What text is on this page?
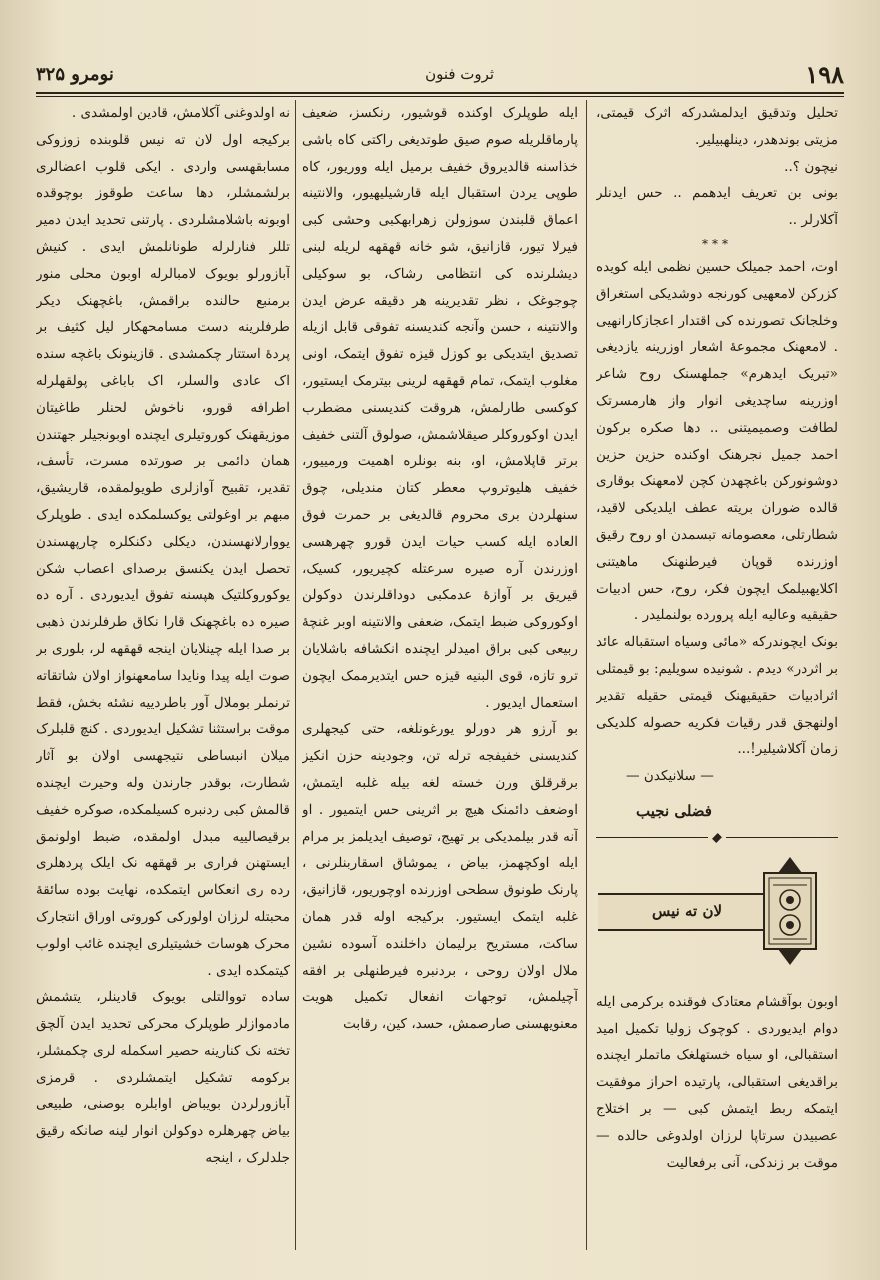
نومرو ۳۲۵	ثروت فنون	۱۹۸

تحلیل وتدقیق ایدلمشدرکه اثرک قیمتی، مزیتی بوندهدر، دینلهبیلیر.

نیچون ؟..

بونی بن تعریف ایدهمم .. حس ایدنلر آکلارلر ..

***

اوت، احمد جمیلک حسین نظمی ایله کویده کزرکن لامعهیی کورنجه دوشدیکی استغراق وخلجانک تصورنده کی اقتدار اعجازکارانهیی . لامعهنک مجموعهٔ اشعار اوزرینه یازدیغی «تبریک ایدهرم» جملهسنک روح شاعر اوزرینه ساچدیغی انوار واز هارمسرتک لطافت وصمیمیتنی .. دها صکره برکون احمد جمیل نجرهنک اوکنده حزین حزین دوشونورکن باغچهدن کچن لامعهنک بوقاری قالده ضوران بریته عطف ایلدیکی لاقید، شطارتلی، معصومانه تبسمدن او روح رقیق اوزرنده قوپان فیرطنهنک ماهیتنی اکلایهبیلمک ایچون فکر، روح، حس ادبیات حقیقیه وعالیه ایله پرورده بولنملیدر .

بونک ایچوندرکه «مائی وسیاه استقباله عائد بر اثردر» دیدم . شونیده سویلیم: بو قیمتلی اثرادبیات حقیقیهنک قیمتی حقیله تقدیر اولنهجق قدر رقیات فکریه حصوله کلدیکی زمان آکلاشیلیر!...

— سلانیکدن —

فضلی نجیب
لان ته نیس

اوبون بوآقشام معتادک فوقنده برکرمی ایله دوام ایدیوردی . کوچوک زولیا تکمیل امید استقبالی، او سیاه خستهلغک ماتملر ایچنده براقدیغی استقبالی، پارتیده احراز موفقیت ایتمکه ربط ایتمش کبی — بر اختلاج عصبیدن سرتاپا لرزان اولدوغی حالده — موقت بر زندکی، آنی برفعالیت

ایله طوپلرک اوکنده قوشیور، رنکسز، ضعیف پارماقلریله صوم صیق طوتدیغی راکتی کاه باشی خذاسنه قالدیروق خفیف برمیل ایله ووریور، کاه طوپی یردن استقبال ایله قارشیلیهیور، والانتینه اعماق قلبندن سوزولن زهرابهکبی وحشی کبی فیرلا تیور، قازانیق، شو خانه قهقهه لریله لبنی دیشلرنده کی انتظامی رشاک، بو سوکیلی چوجوغک ، نظر تقدیرینه هر دقیقه عرض ایدن والانتینه ، حسن وآنجه کندیسنه تفوقی قابل ازیله تصدیق ایتدیکی بو کوزل قیزه تفوق ایتمک، اونی مغلوب ایتمک، تمام قهقهه لرینی بیترمک ایستیور، کوکسی طارلمش، هروقت کندیسنی مضطرب ایدن اوکوروکلر صیقلاشمش، صولوق آلتنی خفیف برتر قاپلامش، او، بنه بونلره اهمیت ورمییور، خفیف هلیوتروپ معطر کتان مندیلی، چوق سنهلردن بری محروم قالدیغی بر حمرت فوق العاده ایله کسب حیات ایدن قورو چهرهسی اوزرندن آره صیره سرعتله کچیریور، کسیک، قیریق بر آوازهٔ عدمکبی دوداقلرندن دوکولن اوکوروکی ضبط ایتمک، ضعفی والانتینه اوبر غنچهٔ ربیعی کبی براق امیدلر ایچنده انکشافه باشلایان ترو تازه، قوی البنیه قیزه حس ایتدیرممک ایچون استعمال ایدیور .

بو آرزو هر دورلو یورغونلغه، حتی کیجهلری کندیسنی خفیفجه ترله تن، وجودینه حزن انکیز برقرقلق ورن خسته لغه بیله غلبه ایتمش، اوضعف دائمنک هیچ بر اثرینی حس ایتمیور . او آنه قدر بیلمدیکی بر تهیج، توصیف ایدیلمز بر مرام ایله اوکچهمز، بیاض ، یموشاق اسقاربنلرنی ، پارنک طونوق سطحی اوزرنده اوچوریور، قازانیق، غلبه ایتمک ایستیور. برکیجه اوله قدر همان ساکت، مستریح برلیمان داخلنده آسوده نشین ملال اولان روحی ، بردنبره فیرطنهلی بر افقه آچیلمش، توجهات انفعال تکمیل هویت معنویهسنی صارصمش، حسد، کین، رقابت

نه اولدوغنی آکلامش، قادین اولمشدی .

برکیجه اول لان ته نیس قلوبنده زوزوکی مسابقهسی واردی . ایکی قلوب اعضالری برلشمشلر، دها ساعت طوقوز بوچوقده اوبونه باشلامشلردی . پارتنی تحدید ایدن دمیر تللر فنارلرله طونانلمش ایدی . کنیش آبازورلو بویوک لامبالرله اوبون محلی منور برمنبع حالنده براقمش، باغچهنک دیکر طرفلرینه دست مسامحهکار لیل کثیف بر پردهٔ استتار چکمشدی . قازینونک باغچه سنده اک عادی والسلر، اک باباغی پولقهلرله اطرافه قورو، ناخوش لحنلر طاغیتان موزیقهنک کوروتیلری ایچنده اوبونجیلر جهتندن همان دائمی بر صورتده مسرت، تأسف، تقدیر، تقبیح آوازلری طویولمقده، قاریشیق، مبهم بر اوغولتی یوکسلمکده ایدی . طوپلرک یووارلانهسندن، دیکلی دکنکلره چارپهسندن تحصل ایدن یکنسق برصدای اعصاب شکن یوکوروکلتیک هپسنه تفوق ایدیوردی . آره ده صیره ده باغچهنک قارا نکاق طرفلرندن ذهبی بر صدا ایله چینلایان اینجه قهقهه لر، بلوری بر صوت ایله پیدا ونایدا سامعهنواز اولان شاتقاته ترنملر بوملال آور باطردییه نشئه بخش، فقط موقت براستثنا تشکیل ایدیوردی . کنچ قلبلرک میلان انبساطی نتیجهسی اولان بو آثار شطارت، بوقدر جارندن وله وحیرت ایچنده قالمش کبی ردنبره کسیلمکده، صوکره خفیف برقیصالییه مبدل اولمقده، ضبط اولونمق ایستهنن فراری بر قهقهه نک ایلک پردهلری رده ری انعکاس ایتمکده، نهایت بوده سائقهٔ محبتله لرزان اولورکی کوروتی اوراق انتجارک محرک هوسات خشیتیلری ایچنده غائب اولوب کیتمکده ایدی .

ساده تووالتلی بویوک قادینلر، یتشمش مادموازلر طوپلرک محرکی تحدید ایدن آلچق تخته نک کنارینه حصیر اسکمله لری چکمشلر، برکومه تشکیل ایتمشلردی . قرمزی آبازورلردن بویباض اوابلره بوصنی، طبیعی بیاض چهرهلره دوکولن انوار لینه صانکه رقیق جلدلرک ، اینجه
